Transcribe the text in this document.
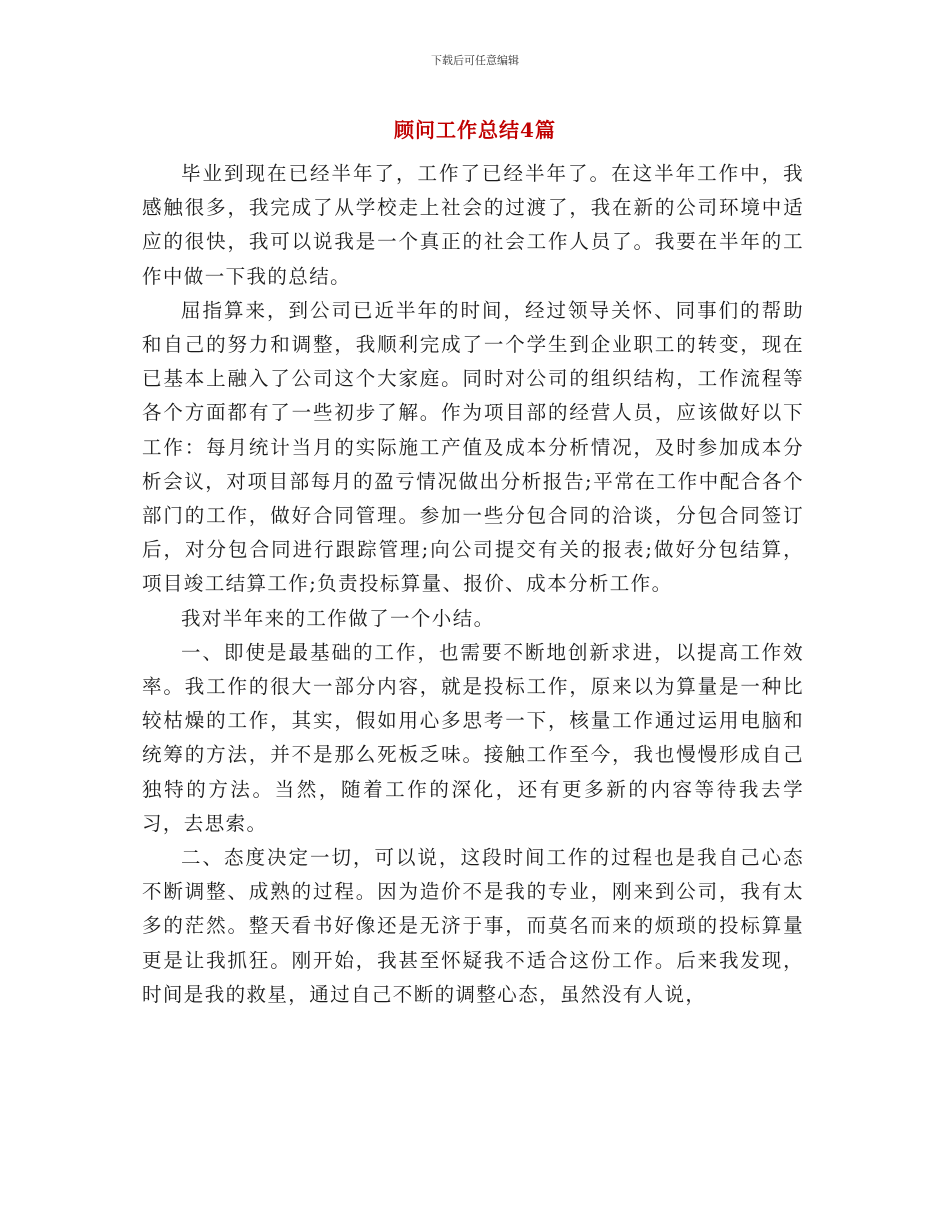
下载后可任意编辑
顾问工作总结4篇

毕业到现在已经半年了，工作了已经半年了。在这半年工作中，我感触很多，我完成了从学校走上社会的过渡了，我在新的公司环境中适应的很快，我可以说我是一个真正的社会工作人员了。我要在半年的工作中做一下我的总结。

屈指算来，到公司已近半年的时间，经过领导关怀、同事们的帮助和自己的努力和调整，我顺利完成了一个学生到企业职工的转变，现在已基本上融入了公司这个大家庭。同时对公司的组织结构，工作流程等各个方面都有了一些初步了解。作为项目部的经营人员，应该做好以下工作：每月统计当月的实际施工产值及成本分析情况，及时参加成本分析会议，对项目部每月的盈亏情况做出分析报告;平常在工作中配合各个部门的工作，做好合同管理。参加一些分包合同的洽谈，分包合同签订后，对分包合同进行跟踪管理;向公司提交有关的报表;做好分包结算，项目竣工结算工作;负责投标算量、报价、成本分析工作。

我对半年来的工作做了一个小结。

一、即使是最基础的工作，也需要不断地创新求进，以提高工作效率。我工作的很大一部分内容，就是投标工作，原来以为算量是一种比较枯燥的工作，其实，假如用心多思考一下，核量工作通过运用电脑和统筹的方法，并不是那么死板乏味。接触工作至今，我也慢慢形成自己独特的方法。当然，随着工作的深化，还有更多新的内容等待我去学习，去思索。

二、态度决定一切，可以说，这段时间工作的过程也是我自己心态不断调整、成熟的过程。因为造价不是我的专业，刚来到公司，我有太多的茫然。整天看书好像还是无济于事，而莫名而来的烦琐的投标算量更是让我抓狂。刚开始，我甚至怀疑我不适合这份工作。后来我发现，时间是我的救星，通过自己不断的调整心态，虽然没有人说，
